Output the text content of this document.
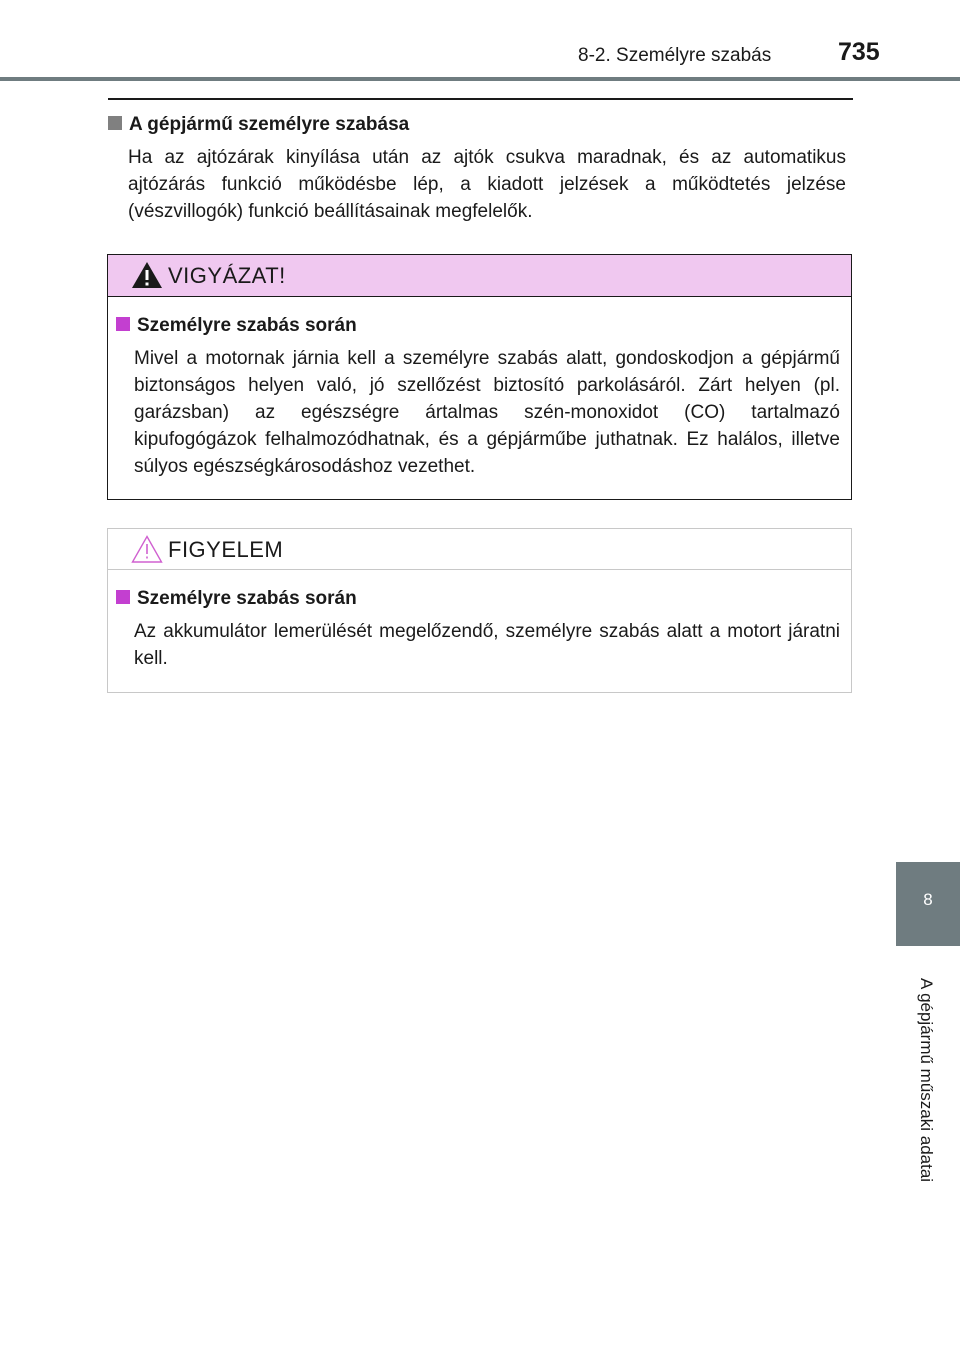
8-2. Személyre szabás	735
A gépjármű személyre szabása
Ha az ajtózárak kinyílása után az ajtók csukva maradnak, és az automatikus ajtózárás funkció működésbe lép, a kiadott jelzések a működtetés jelzése (vészvillogók) funkció beállításainak megfelelők.
VIGYÁZAT!
Személyre szabás során
Mivel a motornak járnia kell a személyre szabás alatt, gondoskodjon a gépjármű biztonságos helyen való, jó szellőzést biztosító parkolásáról. Zárt helyen (pl. garázsban) az egészségre ártalmas szén-monoxidot (CO) tartalmazó kipufogógázok felhalmozódhatnak, és a gépjárműbe juthatnak. Ez halálos, illetve súlyos egészségkárosodáshoz vezethet.
FIGYELEM
Személyre szabás során
Az akkumulátor lemerülését megelőzendő, személyre szabás alatt a motort járatni kell.
8
A gépjármű műszaki adatai
